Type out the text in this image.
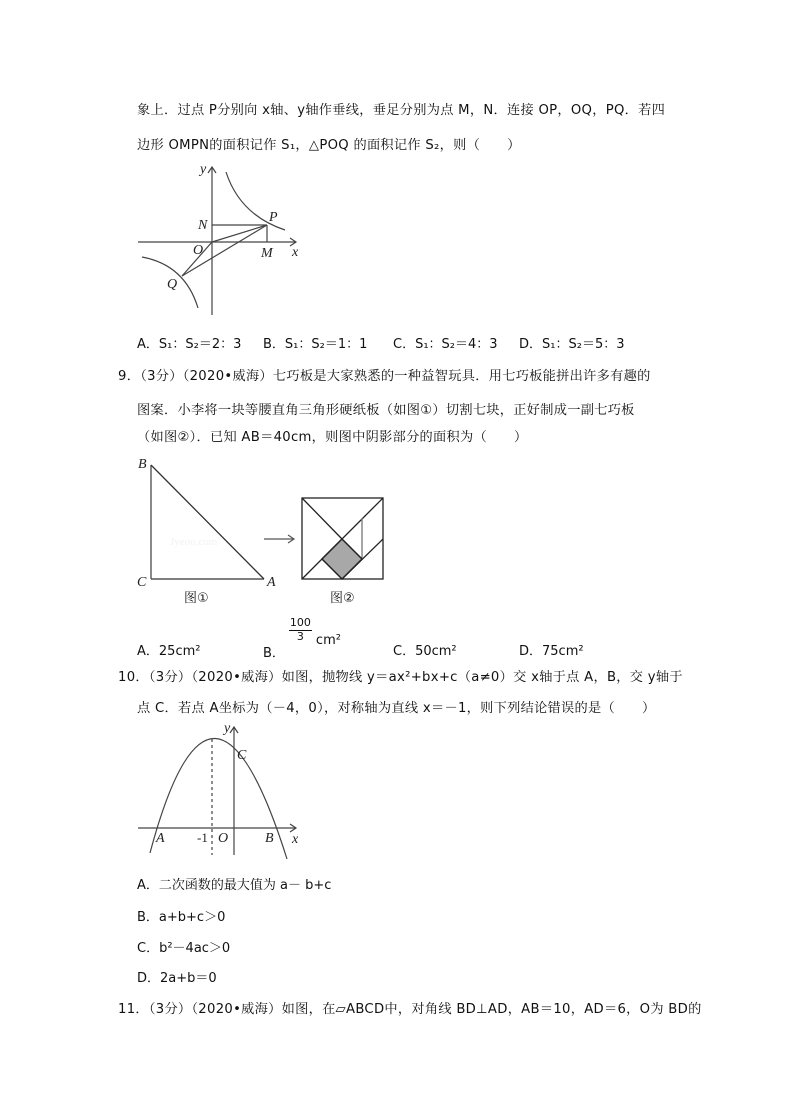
象上．过点 P分别向 x轴、y轴作垂线，垂足分别为点 M，N．连接 OP，OQ，PQ．若四
边形 OMPN的面积记作 S₁，△POQ 的面积记作 S₂，则（　　）
y
x
N
P
O	M
Q
A．S₁：S₂＝2：3 B．S₁：S₂＝1：1 C．S₁：S₂＝4：3 D．S₁：S₂＝5：3
9．（3分）（2020•威海）七巧板是大家熟悉的一种益智玩具．用七巧板能拼出许多有趣的
图案．小李将一块等腰直角三角形硬纸板（如图①）切割七块，正好制成一副七巧板
（如图②）．已知 AB＝40cm，则图中阴影部分的面积为（　　）
Jyeoo.com
B
C	A
图①	图②
A．25cm²	B．
$\frac{100}{3} cm^2$
C．50cm²	D．75cm²
10．（3分）（2020•威海）如图，抛物线 y＝ax²+bx+c（a≠0）交 x轴于点 A，B，交 y轴于
点 C．若点 A坐标为（－4，0），对称轴为直线 x＝－1，则下列结论错误的是（　　）
y
x
C
A	O	B
-1
A．二次函数的最大值为 a－ b+c
B．a+b+c＞0
C．b²－4ac＞0
D．2a+b＝0
11．（3分）（2020•威海）如图，在▱ABCD中，对角线 BD⊥AD，AB＝10，AD＝6，O为 BD的
